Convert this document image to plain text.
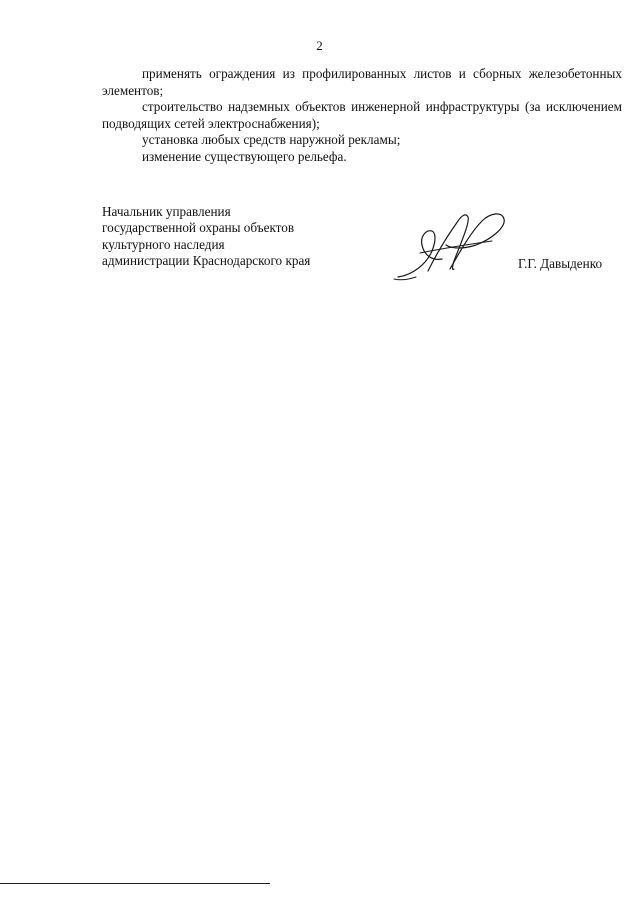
2

применять ограждения из профилированных листов и сборных железобетонных элементов;

строительство надземных объектов инженерной инфраструктуры (за исключением подводящих сетей электроснабжения);

установка любых средств наружной рекламы;

изменение существующего рельефа.

Начальник управления
государственной охраны объектов
культурного наследия
администрации Краснодарского края	Г.Г. Давыденко
